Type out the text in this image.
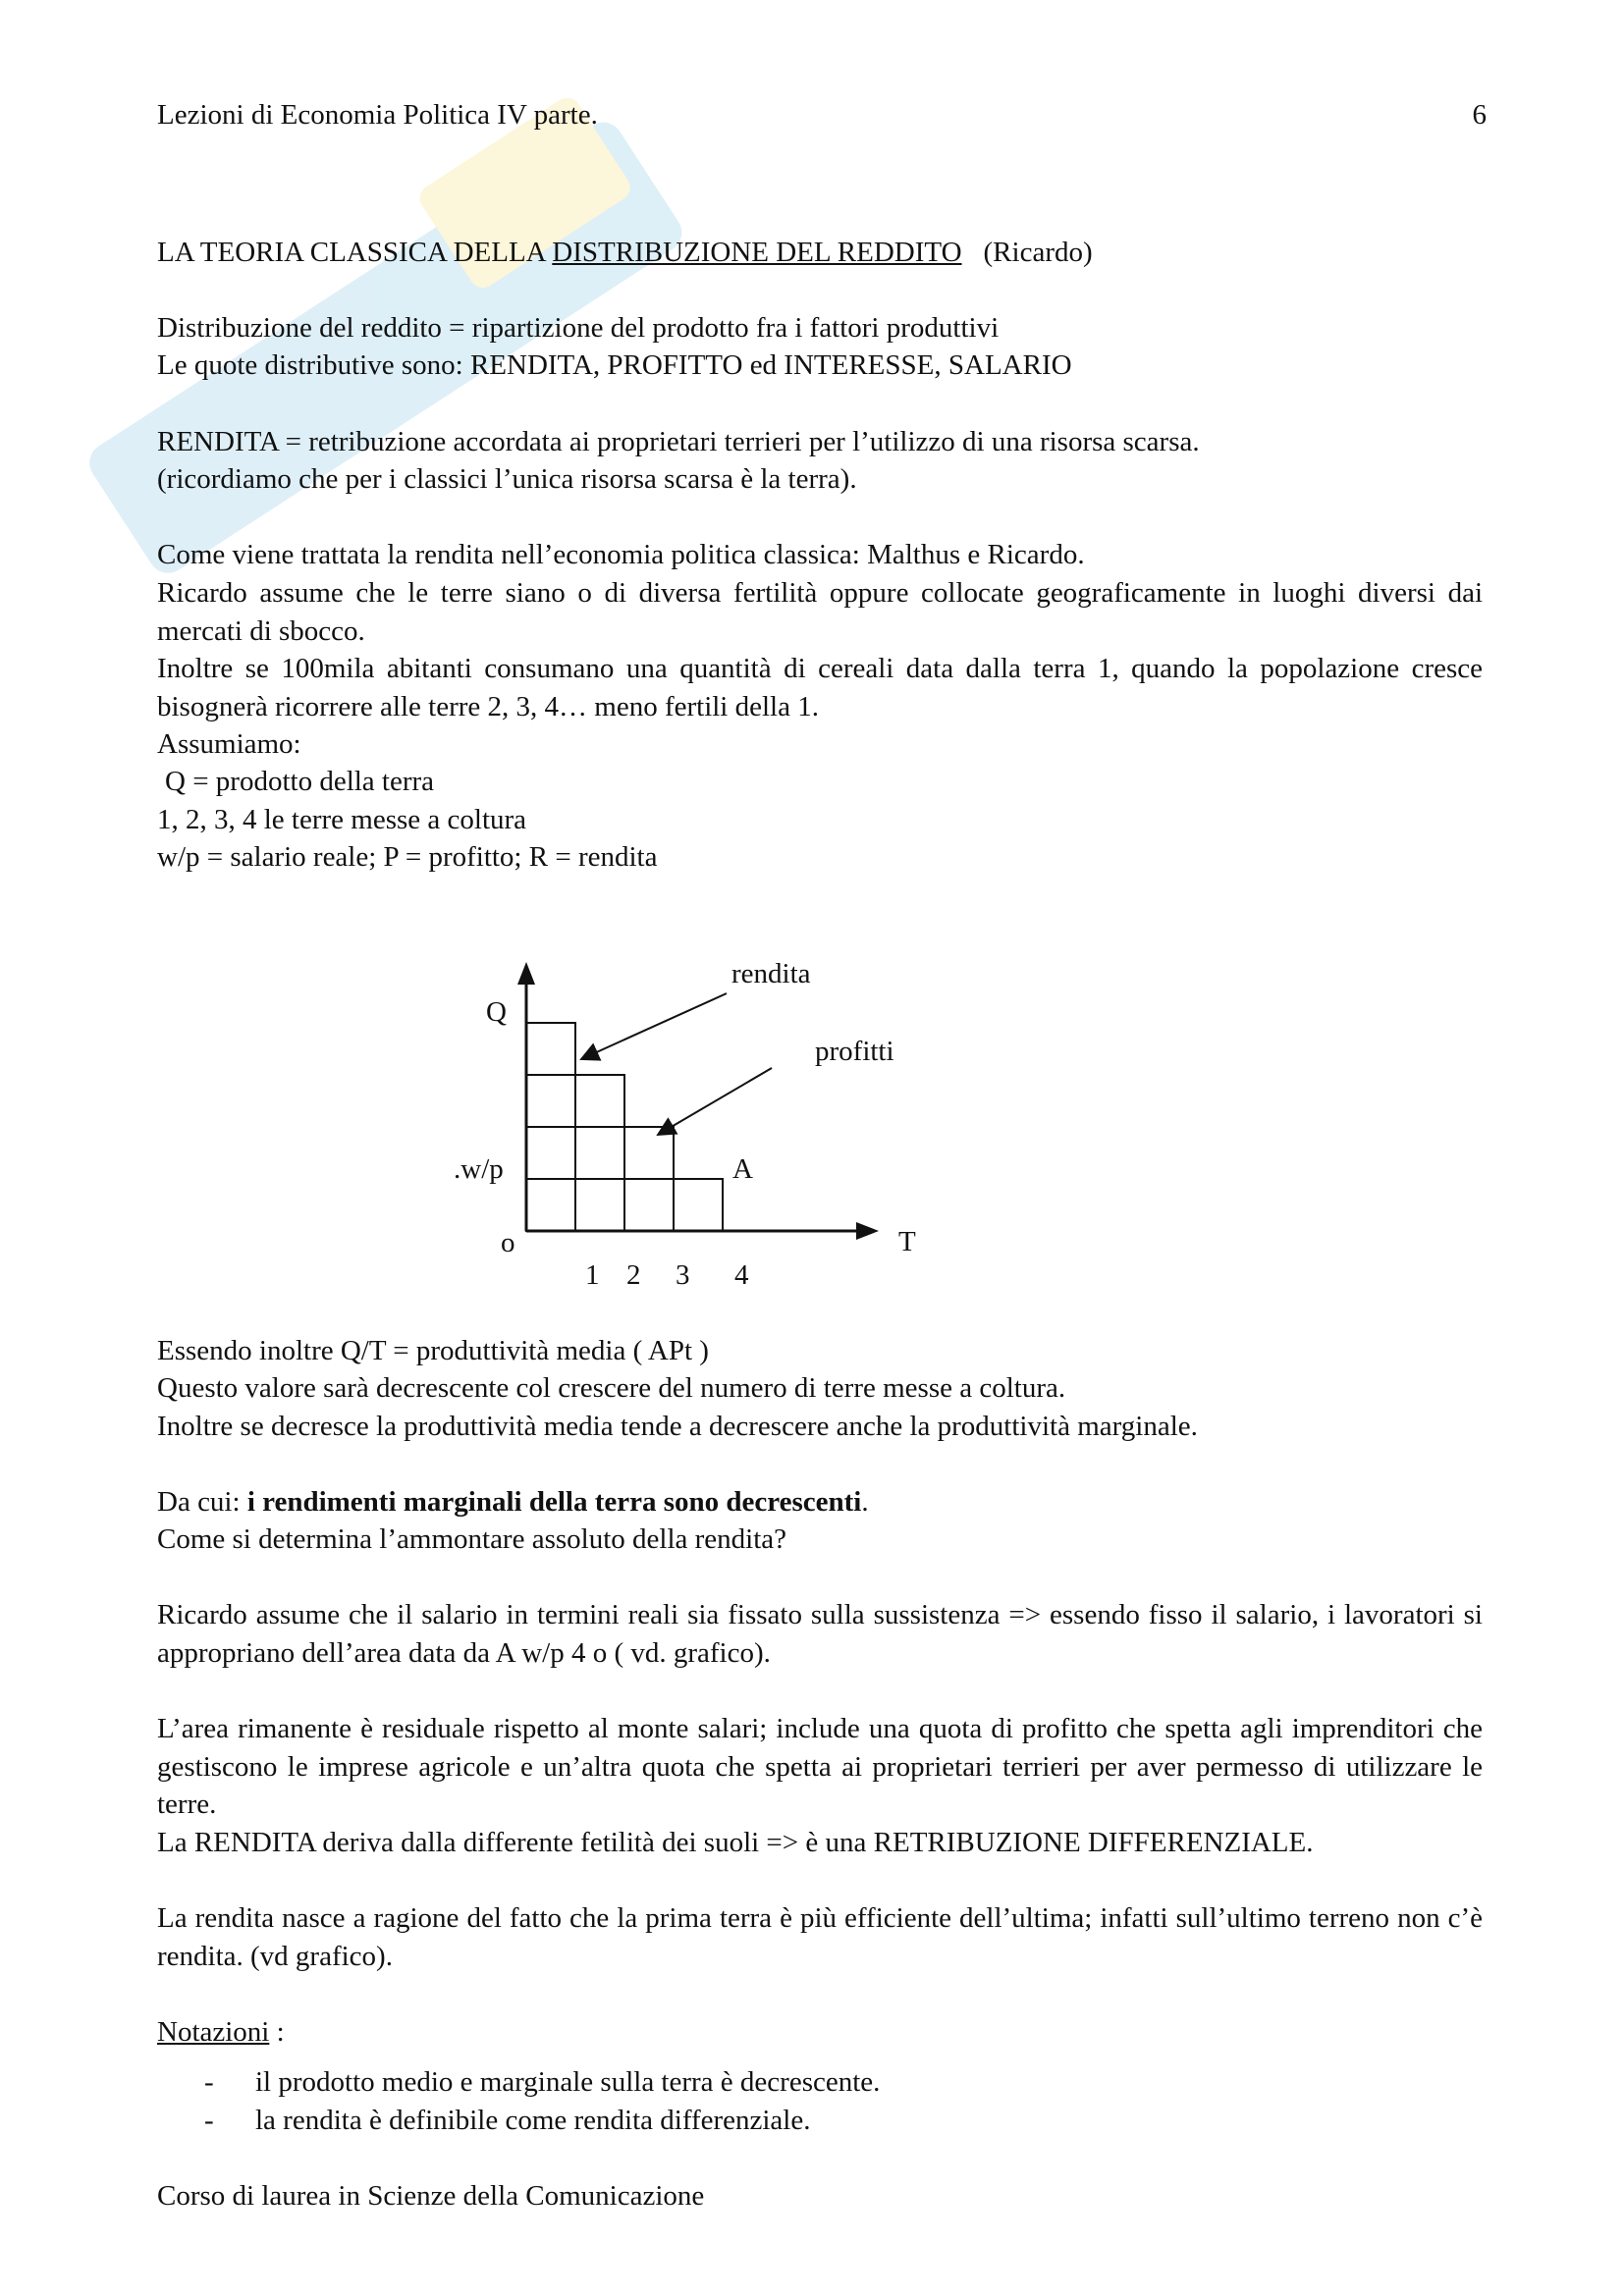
Lezioni di Economia Politica IV parte.	6
LA TEORIA CLASSICA DELLA DISTRIBUZIONE DEL REDDITO (Ricardo)
Distribuzione del reddito = ripartizione del prodotto fra i fattori produttivi
Le quote distributive sono: RENDITA, PROFITTO ed INTERESSE, SALARIO
RENDITA = retribuzione accordata ai proprietari terrieri per l’utilizzo di una risorsa scarsa.
(ricordiamo che per i classici l’unica risorsa scarsa è la terra).
Come viene trattata la rendita nell’economia politica classica: Malthus e Ricardo.
Ricardo assume che le terre siano o di diversa fertilità oppure collocate geograficamente in luoghi diversi dai mercati di sbocco.
Inoltre se 100mila abitanti consumano una quantità di cereali data dalla terra 1, quando la popolazione cresce bisognerà ricorrere alle terre 2, 3, 4… meno fertili della 1.
Assumiamo:
Q = prodotto della terra
1, 2, 3, 4 le terre messe a coltura
w/p = salario reale; P = profitto; R = rendita
Q
T
o
.w/p	A
rendita
profitti
1 2 3 4
Essendo inoltre Q/T = produttività media ( APt )
Questo valore sarà decrescente col crescere del numero di terre messe a coltura.
Inoltre se decresce la produttività media tende a decrescere anche la produttività marginale.
Da cui: i rendimenti marginali della terra sono decrescenti.
Come si determina l’ammontare assoluto della rendita?
Ricardo assume che il salario in termini reali sia fissato sulla sussistenza => essendo fisso il salario, i lavoratori si appropriano dell’area data da A w/p 4 o ( vd. grafico).
L’area rimanente è residuale rispetto al monte salari; include una quota di profitto che spetta agli imprenditori che gestiscono le imprese agricole e un’altra quota che spetta ai proprietari terrieri per aver permesso di utilizzare le terre.
La RENDITA deriva dalla differente fetilità dei suoli => è una RETRIBUZIONE DIFFERENZIALE.
La rendita nasce a ragione del fatto che la prima terra è più efficiente dell’ultima; infatti sull’ultimo terreno non c’è rendita. (vd grafico).
Notazioni :
-	il prodotto medio e marginale sulla terra è decrescente.
-	la rendita è definibile come rendita differenziale.
Corso di laurea in Scienze della Comunicazione
